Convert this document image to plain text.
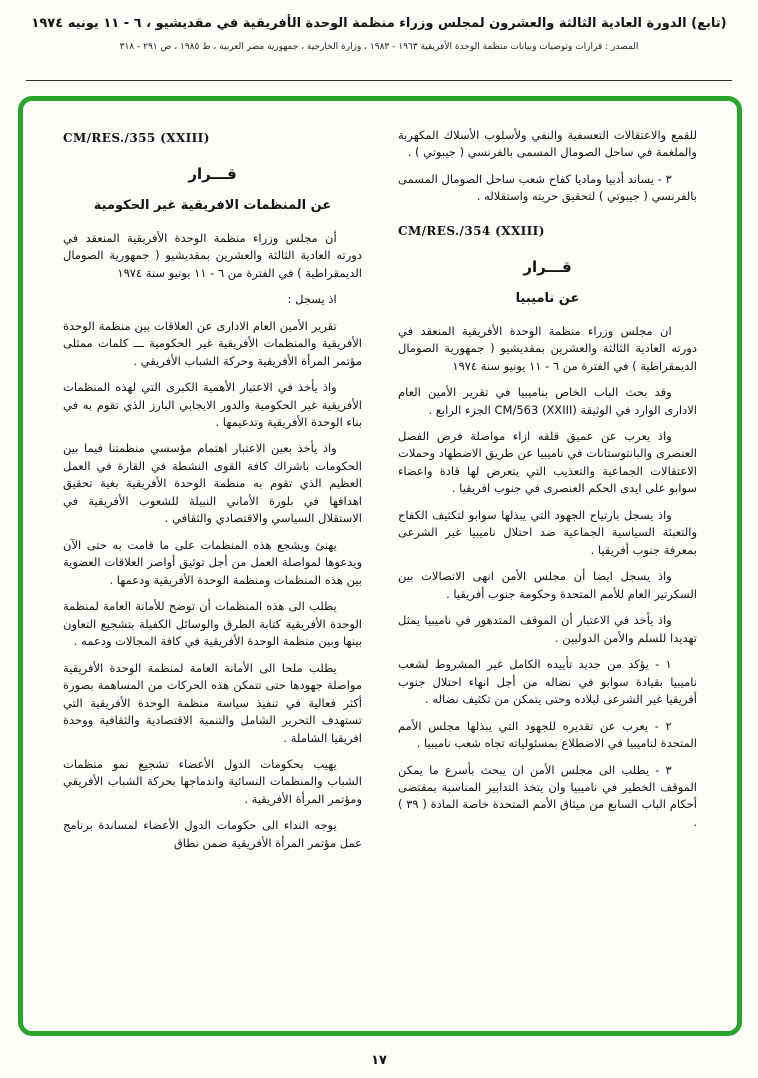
(تابع) الدورة العادية الثالثة والعشرون لمجلس وزراء منظمة الوحدة الأفريقية في مقديشيو ، ٦ - ١١ يونيه ١٩٧٤
المصدر : قرارات وتوصيات وبيانات منظمة الوحدة الأفريقية ١٩٦٣ - ١٩٨٣ ، وزارة الخارجية ، جمهورية مصر العربية ، ط ١٩٨٥ ، ص ٢٩١ - ٣١٨

للقمع والاعتقالات التعسفية والنفي ولأسلوب الأسلاك المكهربة والملغمة في ساحل الصومال المسمى بالفرنسي ( جيبوتي ) .

٣ - يساند أدبيا وماديا كفاح شعب ساحل الصومال المسمى بالفرنسي ( جيبوتي ) لتحقيق حريته واستقلاله .

CM/RES./354 (XXIII)
قـــرار
عن ناميبيا

ان مجلس وزراء منظمة الوحدة الأفريقية المنعقد في دورته العادية الثالثة والعشرين بمقديشيو ( جمهورية الصومال الديمقراطية ) في الفترة من ٦ - ١١ يونيو سنة ١٩٧٤

وقد بحث الباب الخاص بناميبيا في تقرير الأمين العام الادارى الوارد في الوثيقة CM/563 (XXIII) الجزء الرابع .

واذ يعرب عن عميق قلقه ازاء مواصلة فرض الفصل العنصرى والبانتوستانات في ناميبيا عن طريق الاضطهاد وحملات الاعتقالات الجماعية والتعذيب التي يتعرض لها قادة واعضاء سوابو على ايدى الحكم العنصرى في جنوب افريقيا .

واذ يسجل بارتياح الجهود التي يبذلها سوابو لتكثيف الكفاح والتعبئة السياسية الجماعية ضد احتلال ناميبيا غير الشرعى بمعرفة جنوب أفريقيا .

واذ يسجل ايضا أن مجلس الأمن انهى الاتصالات بين السكرتير العام للأمم المتحدة وحكومة جنوب أفريقيا .

واذ يأخذ في الاعتبار أن الموقف المتدهور في ناميبيا يمثل تهديدا للسلم والأمن الدوليين .

١ - يؤكد من جديد تأييده الكامل غير المشروط لشعب ناميبيا بقيادة سوابو في نضاله من أجل انهاء احتلال جنوب أفريقيا غير الشرعى لبلاده وحتى يتمكن من تكثيف نضاله .

٢ - يعرب عن تقديره للجهود التي يبذلها مجلس الأمم المتحدة لناميبيا في الاضطلاع بمسئولياته تجاه شعب ناميبيا .

٣ - يطلب الى مجلس الأمن ان يبحث بأسرع ما يمكن الموقف الخطير في ناميبيا وان يتخذ التدابير المناسبة بمقتضى أحكام الباب السابع من ميثاق الأمم المتحدة خاصة المادة ( ٣٩ ) .

CM/RES./355 (XXIII)
قـــرار
عن المنظمات الافريقية غير الحكومية

أن مجلس وزراء منظمة الوحدة الأفريقية المنعقد في دورته العادية الثالثة والعشرين بمقديشيو ( جمهورية الصومال الديمقراطية ) في الفترة من ٦ - ١١ يونيو سنة ١٩٧٤

اذ يسجل :

تقرير الأمين العام الادارى عن العلاقات بين منظمة الوحدة الأفريقية والمنظمات الأفريقية غير الحكومية ـــ كلمات ممثلى مؤتمر المرأة الأفريقية وحركة الشباب الأفريقي .

واذ يأخذ في الاعتبار الأهمية الكبرى التي لهذه المنظمات الأفريقية غير الحكومية والدور الايجابي البارز الذي تقوم به في بناء الوحدة الأفريقية وتدعيمها .

واذ يأخذ بعين الاعتبار اهتمام مؤسسي منظمتنا فيما بين الحكومات باشراك كافة القوى النشطة في القارة في العمل العظيم الذي تقوم به منظمة الوحدة الأفريقية بغية تحقيق اهدافها في بلورة الأماني النبيلة للشعوب الأفريقية في الاستقلال السياسي والاقتصادي والثقافي .

يهنئ ويشجع هذه المنظمات على ما قامت به حتى الآن ويدعوها لمواصلة العمل من أجل توثيق أواصر العلاقات العضوية بين هذه المنظمات ومنظمة الوحدة الأفريقية ودعمها .

يطلب الى هذه المنظمات أن توضح للأمانة العامة لمنظمة الوحدة الأفريقية كتابة الطرق والوسائل الكفيلة بتشجيع التعاون بينها وبين منظمة الوحدة الأفريقية في كافة المجالات ودعمه .

يطلب ملحا الى الأمانة العامة لمنظمة الوحدة الأفريقية مواصلة جهودها حتى تتمكن هذه الحركات من المساهمة بصورة أكثر فعالية في تنفيذ سياسة منظمة الوحدة الأفريقية التي تستهدف التحرير الشامل والتنمية الاقتصادية والثقافية ووحدة افريقيا الشاملة .

يهيب بحكومات الدول الأعضاء تشجيع نمو منظمات الشباب والمنظمات النسائية واندماجها بحركة الشباب الأفريقي ومؤتمر المرأة الأفريقية .

يوجه النداء الى حكومات الدول الأعضاء لمساندة برنامج عمل مؤتمر المرأة الأفريقية ضمن نطاق

١٧
